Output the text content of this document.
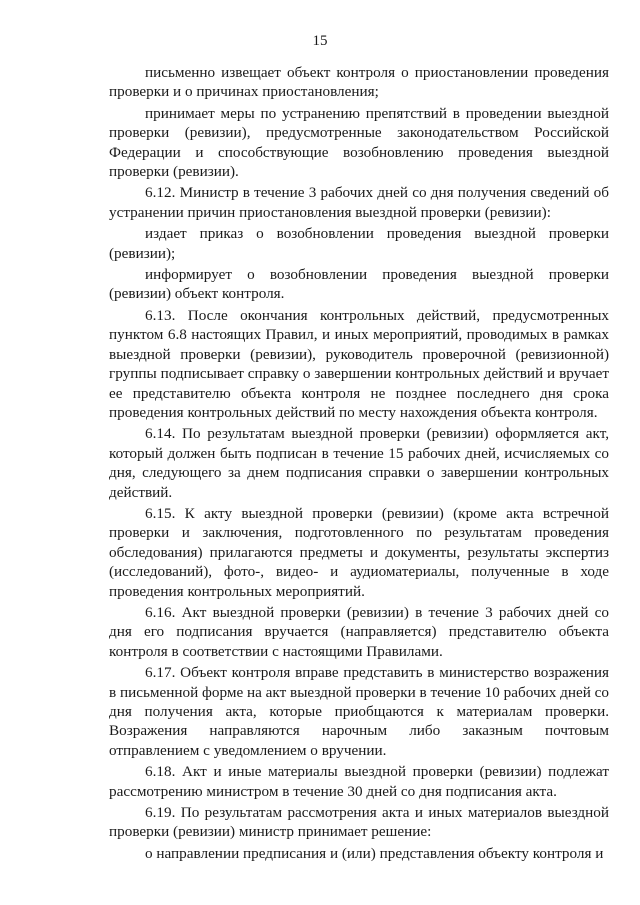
15

письменно извещает объект контроля о приостановлении проведения проверки и о причинах приостановления;

принимает меры по устранению препятствий в проведении выездной проверки (ревизии), предусмотренные законодательством Российской Федерации и способствующие возобновлению проведения выездной проверки (ревизии).

6.12. Министр в течение 3 рабочих дней со дня получения сведений об устранении причин приостановления выездной проверки (ревизии):

издает приказ о возобновлении проведения выездной проверки (ревизии);

информирует о возобновлении проведения выездной проверки (ревизии) объект контроля.

6.13. После окончания контрольных действий, предусмотренных пунктом 6.8 настоящих Правил, и иных мероприятий, проводимых в рамках выездной проверки (ревизии), руководитель проверочной (ревизионной) группы подписывает справку о завершении контрольных действий и вручает ее представителю объекта контроля не позднее последнего дня срока проведения контрольных действий по месту нахождения объекта контроля.

6.14. По результатам выездной проверки (ревизии) оформляется акт, который должен быть подписан в течение 15 рабочих дней, исчисляемых со дня, следующего за днем подписания справки о завершении контрольных действий.

6.15. К акту выездной проверки (ревизии) (кроме акта встречной проверки и заключения, подготовленного по результатам проведения обследования) прилагаются предметы и документы, результаты экспертиз (исследований), фото-, видео- и аудиоматериалы, полученные в ходе проведения контрольных мероприятий.

6.16. Акт выездной проверки (ревизии) в течение 3 рабочих дней со дня его подписания вручается (направляется) представителю объекта контроля в соответствии с настоящими Правилами.

6.17. Объект контроля вправе представить в министерство возражения в письменной форме на акт выездной проверки в течение 10 рабочих дней со дня получения акта, которые приобщаются к материалам проверки. Возражения направляются нарочным либо заказным почтовым отправлением с уведомлением о вручении.

6.18. Акт и иные материалы выездной проверки (ревизии) подлежат рассмотрению министром в течение 30 дней со дня подписания акта.

6.19. По результатам рассмотрения акта и иных материалов выездной проверки (ревизии) министр принимает решение:

о направлении предписания и (или) представления объекту контроля и
